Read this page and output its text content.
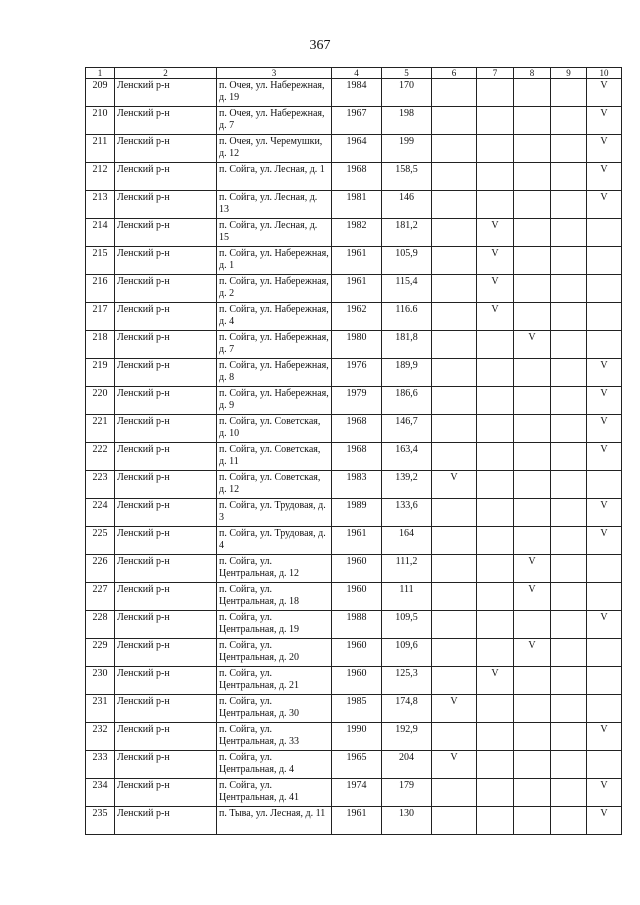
367
1	2	3	4	5	6	7	8	9	10
209	Ленский р-н	п. Очея, ул. Набережная, д. 19	1984	170					V
210	Ленский р-н	п. Очея, ул. Набережная, д. 7	1967	198					V
211	Ленский р-н	п. Очея, ул. Черемушки, д. 12	1964	199					V
212	Ленский р-н	п. Сойга, ул. Лесная, д. 1	1968	158,5					V
213	Ленский р-н	п. Сойга, ул. Лесная, д. 13	1981	146					V
214	Ленский р-н	п. Сойга, ул. Лесная, д. 15	1982	181,2		V			
215	Ленский р-н	п. Сойга, ул. Набережная, д. 1	1961	105,9		V			
216	Ленский р-н	п. Сойга, ул. Набережная, д. 2	1961	115,4		V			
217	Ленский р-н	п. Сойга, ул. Набережная, д. 4	1962	116.6		V			
218	Ленский р-н	п. Сойга, ул. Набережная, д. 7	1980	181,8			V		
219	Ленский р-н	п. Сойга, ул. Набережная, д. 8	1976	189,9					V
220	Ленский р-н	п. Сойга, ул. Набережная, д. 9	1979	186,6					V
221	Ленский р-н	п. Сойга, ул. Советская, д. 10	1968	146,7					V
222	Ленский р-н	п. Сойга, ул. Советская, д. 11	1968	163,4					V
223	Ленский р-н	п. Сойга, ул. Советская, д. 12	1983	139,2	V				
224	Ленский р-н	п. Сойга, ул. Трудовая, д. 3	1989	133,6					V
225	Ленский р-н	п. Сойга, ул. Трудовая, д. 4	1961	164					V
226	Ленский р-н	п. Сойга, ул. Центральная, д. 12	1960	111,2			V		
227	Ленский р-н	п. Сойга, ул. Центральная, д. 18	1960	111			V		
228	Ленский р-н	п. Сойга, ул. Центральная, д. 19	1988	109,5					V
229	Ленский р-н	п. Сойга, ул. Центральная, д. 20	1960	109,6			V		
230	Ленский р-н	п. Сойга, ул. Центральная, д. 21	1960	125,3		V			
231	Ленский р-н	п. Сойга, ул. Центральная, д. 30	1985	174,8	V				
232	Ленский р-н	п. Сойга, ул. Центральная, д. 33	1990	192,9					V
233	Ленский р-н	п. Сойга, ул. Центральная, д. 4	1965	204	V				
234	Ленский р-н	п. Сойга, ул. Центральная, д. 41	1974	179					V
235	Ленский р-н	п. Тыва, ул. Лесная, д. 11	1961	130					V
